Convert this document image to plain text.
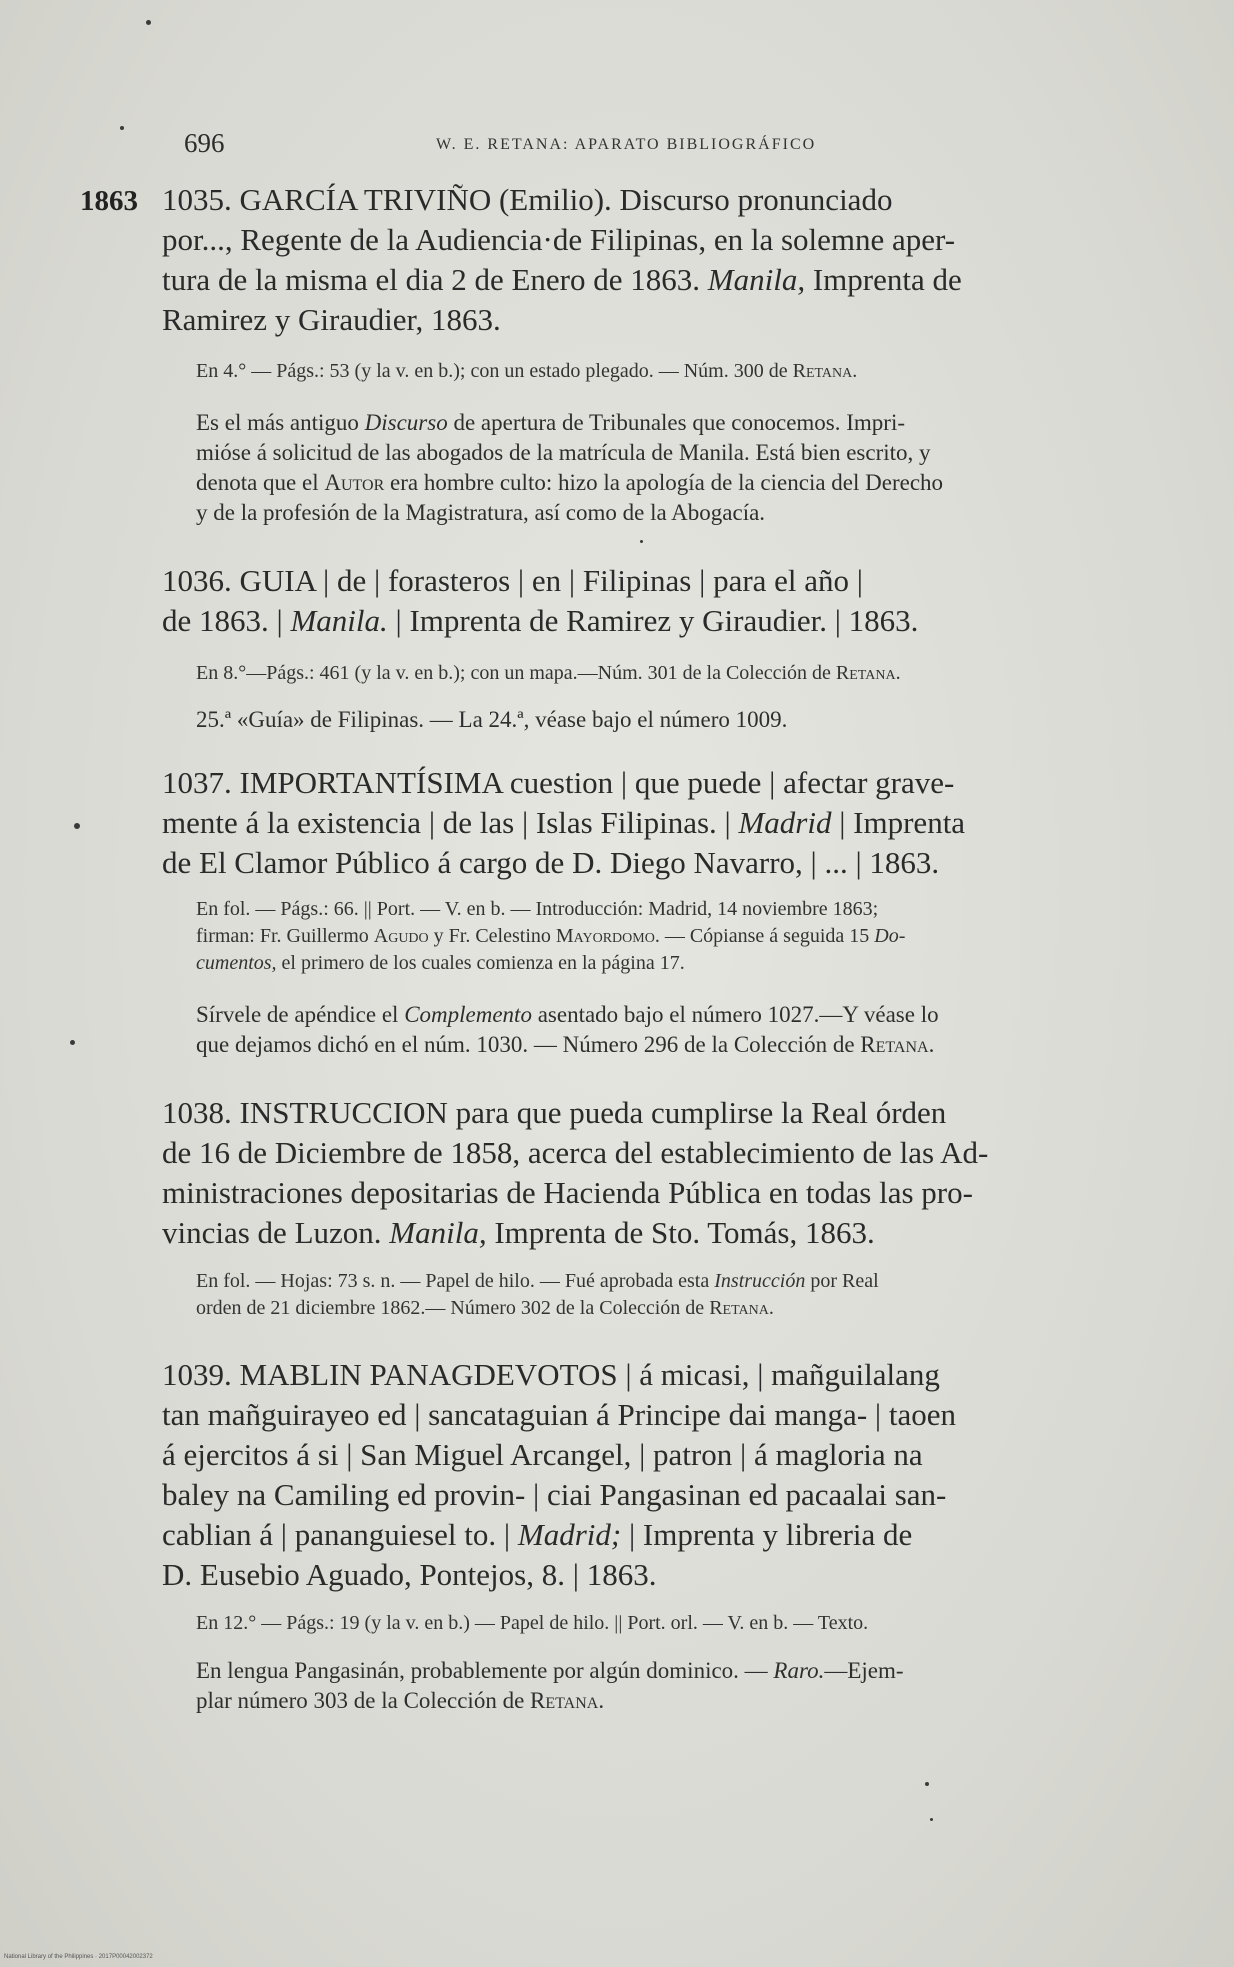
696	W. E. RETANA: APARATO BIBLIOGRÁFICO
1863 1035. GARCÍA TRIVIÑO (Emilio). Discurso pronunciado
por..., Regente de la Audiencia·de Filipinas, en la solemne aper-
tura de la misma el dia 2 de Enero de 1863. Manila, Imprenta de
Ramirez y Giraudier, 1863.
En 4.° — Págs.: 53 (y la v. en b.); con un estado plegado. — Núm. 300 de Retana.
Es el más antiguo Discurso de apertura de Tribunales que conocemos. Impri-
mióse á solicitud de las abogados de la matrícula de Manila. Está bien escrito, y
denota que el Autor era hombre culto: hizo la apología de la ciencia del Derecho
y de la profesión de la Magistratura, así como de la Abogacía.
1036. GUIA | de | forasteros | en | Filipinas | para el año |
de 1863. | Manila. | Imprenta de Ramirez y Giraudier. | 1863.
En 8.°—Págs.: 461 (y la v. en b.); con un mapa.—Núm. 301 de la Colección de Retana.
25.ª «Guía» de Filipinas. — La 24.ª, véase bajo el número 1009.
1037. IMPORTANTÍSIMA cuestion | que puede | afectar grave-
mente á la existencia | de las | Islas Filipinas. | Madrid | Imprenta
de El Clamor Público á cargo de D. Diego Navarro, | ... | 1863.
En fol. — Págs.: 66. || Port. — V. en b. — Introducción: Madrid, 14 noviembre 1863;
firman: Fr. Guillermo Agudo y Fr. Celestino Mayordomo. — Cópianse á seguida 15 Do-
cumentos, el primero de los cuales comienza en la página 17.
Sírvele de apéndice el Complemento asentado bajo el número 1027.—Y véase lo
que dejamos dichó en el núm. 1030. — Número 296 de la Colección de Retana.
1038. INSTRUCCION para que pueda cumplirse la Real órden
de 16 de Diciembre de 1858, acerca del establecimiento de las Ad-
ministraciones depositarias de Hacienda Pública en todas las pro-
vincias de Luzon. Manila, Imprenta de Sto. Tomás, 1863.
En fol. — Hojas: 73 s. n. — Papel de hilo. — Fué aprobada esta Instrucción por Real
orden de 21 diciembre 1862.— Número 302 de la Colección de Retana.
1039. MABLIN PANAGDEVOTOS | á micasi, | mañguilalang
tan mañguirayeo ed | sancataguian á Principe dai manga- | taoen
á ejercitos á si | San Miguel Arcangel, | patron | á magloria na
baley na Camiling ed provin- | ciai Pangasinan ed pacaalai san-
cablian á | pananguiesel to. | Madrid; | Imprenta y libreria de
D. Eusebio Aguado, Pontejos, 8. | 1863.
En 12.° — Págs.: 19 (y la v. en b.) — Papel de hilo. || Port. orl. — V. en b. — Texto.
En lengua Pangasinán, probablemente por algún dominico. — Raro.—Ejem-
plar número 303 de la Colección de Retana.
National Library of the Philippines · 2017P00042002372
